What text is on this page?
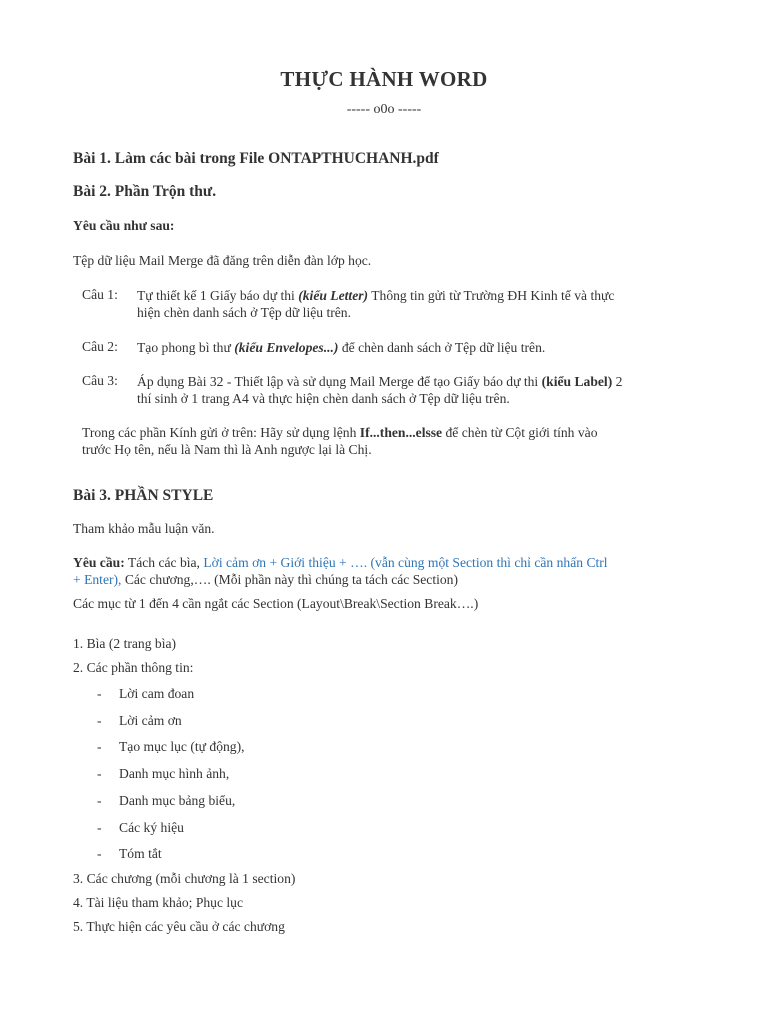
THỰC HÀNH WORD
----- o0o -----
Bài 1. Làm các bài trong File ONTAPTHUCHANH.pdf
Bài 2. Phần Trộn thư.
Yêu cầu như sau:
Tệp dữ liệu Mail Merge đã đăng trên diễn đàn lớp học.
Câu 1: Tự thiết kế 1 Giấy báo dự thi (kiểu Letter) Thông tin gửi từ Trường ĐH Kinh tế và thực
hiện chèn danh sách ở Tệp dữ liệu trên.
Câu 2: Tạo phong bì thư (kiểu Envelopes...) để chèn danh sách ở Tệp dữ liệu trên.
Câu 3: Áp dụng Bài 32 - Thiết lập và sử dụng Mail Merge để tạo Giấy báo dự thi (kiểu Label) 2
thí sinh ở 1 trang A4 và thực hiện chèn danh sách ở Tệp dữ liệu trên.
Trong các phần Kính gửi ở trên: Hãy sử dụng lệnh If...then...elsse để chèn từ Cột giới tính vào
trước Họ tên, nếu là Nam thì là Anh ngược lại là Chị.
Bài 3. PHẦN STYLE
Tham khảo mẫu luận văn.
Yêu cầu: Tách các bìa, Lời cảm ơn + Giới thiệu + …. (vẫn cùng một Section thì chỉ cần nhấn Ctrl
+ Enter), Các chương,…. (Mỗi phần này thì chúng ta tách các Section)
Các mục từ 1 đến 4 cần ngắt các Section (Layout\Break\Section Break….)
1. Bìa (2 trang bìa)
2. Các phần thông tin:
- Lời cam đoan
- Lời cảm ơn
- Tạo mục lục (tự động),
- Danh mục hình ảnh,
- Danh mục bảng biểu,
- Các ký hiệu
- Tóm tắt
3. Các chương (mỗi chương là 1 section)
4. Tài liệu tham khảo; Phục lục
5. Thực hiện các yêu cầu ở các chương
